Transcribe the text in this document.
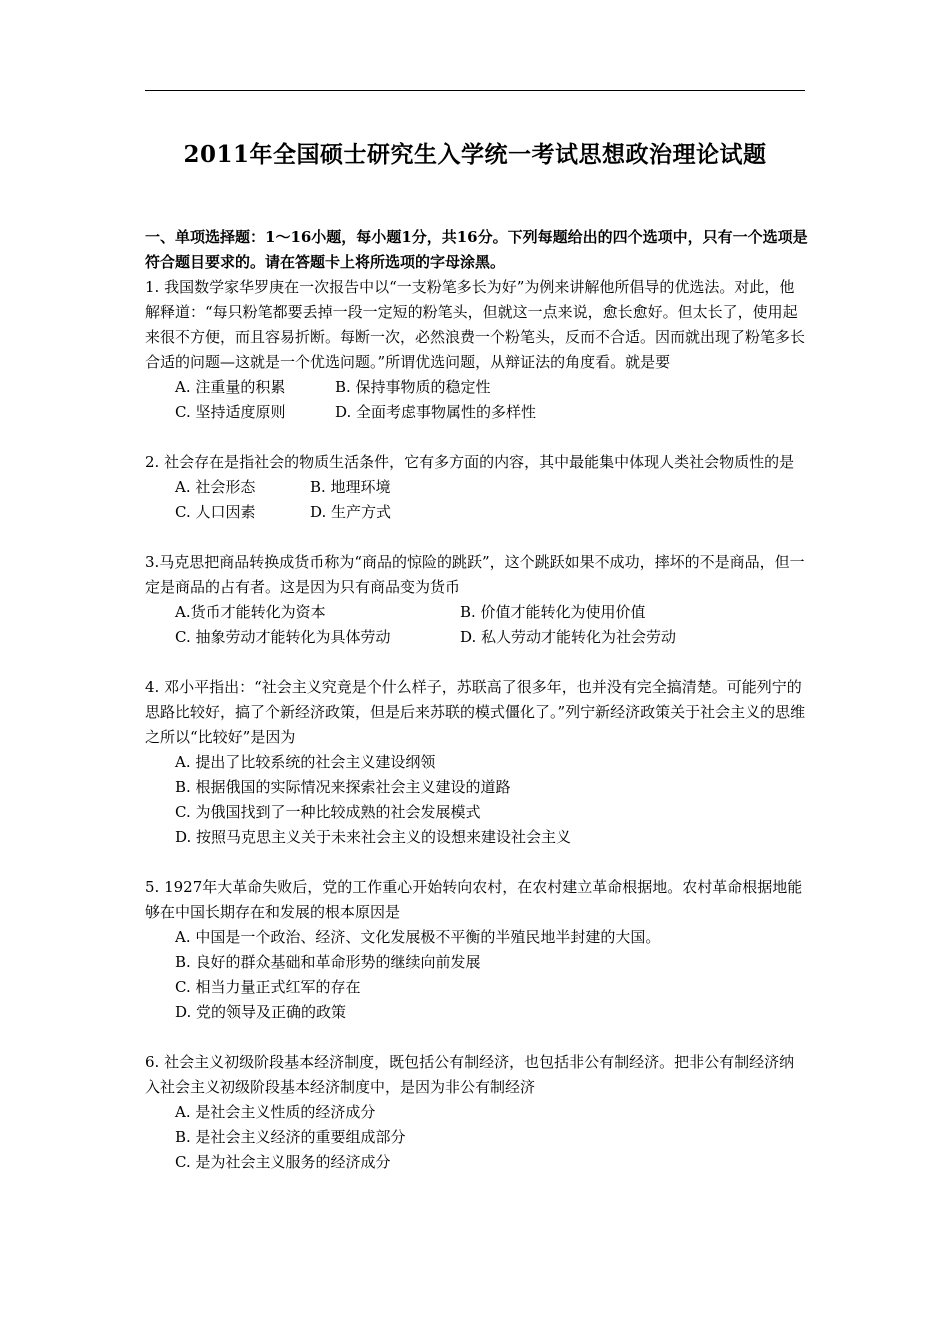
2011年全国硕士研究生入学统一考试思想政治理论试题

一、单项选择题：1～16小题，每小题1分，共16分。下列每题给出的四个选项中，只有一个选项是符合题目要求的。请在答题卡上将所选项的字母涂黑。

1. 我国数学家华罗庚在一次报告中以“一支粉笔多长为好”为例来讲解他所倡导的优选法。对此，他解释道：“每只粉笔都要丢掉一段一定短的粉笔头，但就这一点来说，愈长愈好。但太长了，使用起来很不方便，而且容易折断。每断一次，必然浪费一个粉笔头，反而不合适。因而就出现了粉笔多长合适的问题—这就是一个优选问题。”所谓优选问题，从辩证法的角度看。就是要

A. 注重量的积累	B. 保持事物质的稳定性
C. 坚持适度原则	D. 全面考虑事物属性的多样性

2. 社会存在是指社会的物质生活条件，它有多方面的内容，其中最能集中体现人类社会物质性的是

A. 社会形态	B. 地理环境
C. 人口因素	D. 生产方式

3.马克思把商品转换成货币称为“商品的惊险的跳跃”，这个跳跃如果不成功，摔坏的不是商品，但一定是商品的占有者。这是因为只有商品变为货币

A.货币才能转化为资本	B. 价值才能转化为使用价值
C. 抽象劳动才能转化为具体劳动	D. 私人劳动才能转化为社会劳动

4. 邓小平指出：“社会主义究竟是个什么样子，苏联高了很多年，也并没有完全搞清楚。可能列宁的思路比较好，搞了个新经济政策，但是后来苏联的模式僵化了。”列宁新经济政策关于社会主义的思维之所以“比较好”是因为

A. 提出了比较系统的社会主义建设纲领
B. 根据俄国的实际情况来探索社会主义建设的道路
C. 为俄国找到了一种比较成熟的社会发展模式
D. 按照马克思主义关于未来社会主义的设想来建设社会主义

5. 1927年大革命失败后，党的工作重心开始转向农村，在农村建立革命根据地。农村革命根据地能够在中国长期存在和发展的根本原因是

A. 中国是一个政治、经济、文化发展极不平衡的半殖民地半封建的大国。
B. 良好的群众基础和革命形势的继续向前发展
C. 相当力量正式红军的存在
D. 党的领导及正确的政策

6. 社会主义初级阶段基本经济制度，既包括公有制经济，也包括非公有制经济。把非公有制经济纳入社会主义初级阶段基本经济制度中，是因为非公有制经济

A. 是社会主义性质的经济成分
B. 是社会主义经济的重要组成部分
C. 是为社会主义服务的经济成分
